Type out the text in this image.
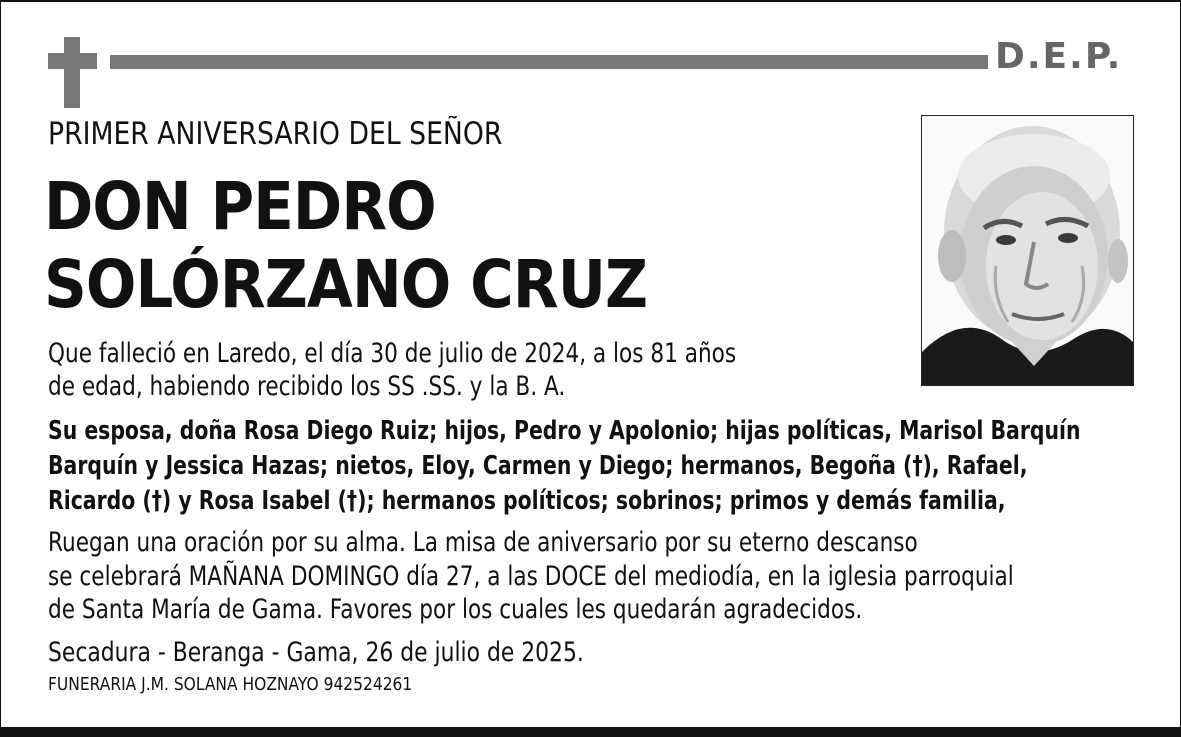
D.E.P.
PRIMER ANIVERSARIO DEL SEÑOR
DON PEDRO
SOLÓRZANO CRUZ
Que falleció en Laredo, el día 30 de julio de 2024, a los 81 años
de edad, habiendo recibido los SS .SS. y la B. A.
Su esposa, doña Rosa Diego Ruiz; hijos, Pedro y Apolonio; hijas políticas, Marisol Barquín
Barquín y Jessica Hazas; nietos, Eloy, Carmen y Diego; hermanos, Begoña (†), Rafael,
Ricardo (†) y Rosa Isabel (†); hermanos políticos; sobrinos; primos y demás familia,
Ruegan una oración por su alma. La misa de aniversario por su eterno descanso
se celebrará MAÑANA DOMINGO día 27, a las DOCE del mediodía, en la iglesia parroquial
de Santa María de Gama. Favores por los cuales les quedarán agradecidos.
Secadura - Beranga - Gama, 26 de julio de 2025.
FUNERARIA J.M. SOLANA HOZNAYO 942524261
